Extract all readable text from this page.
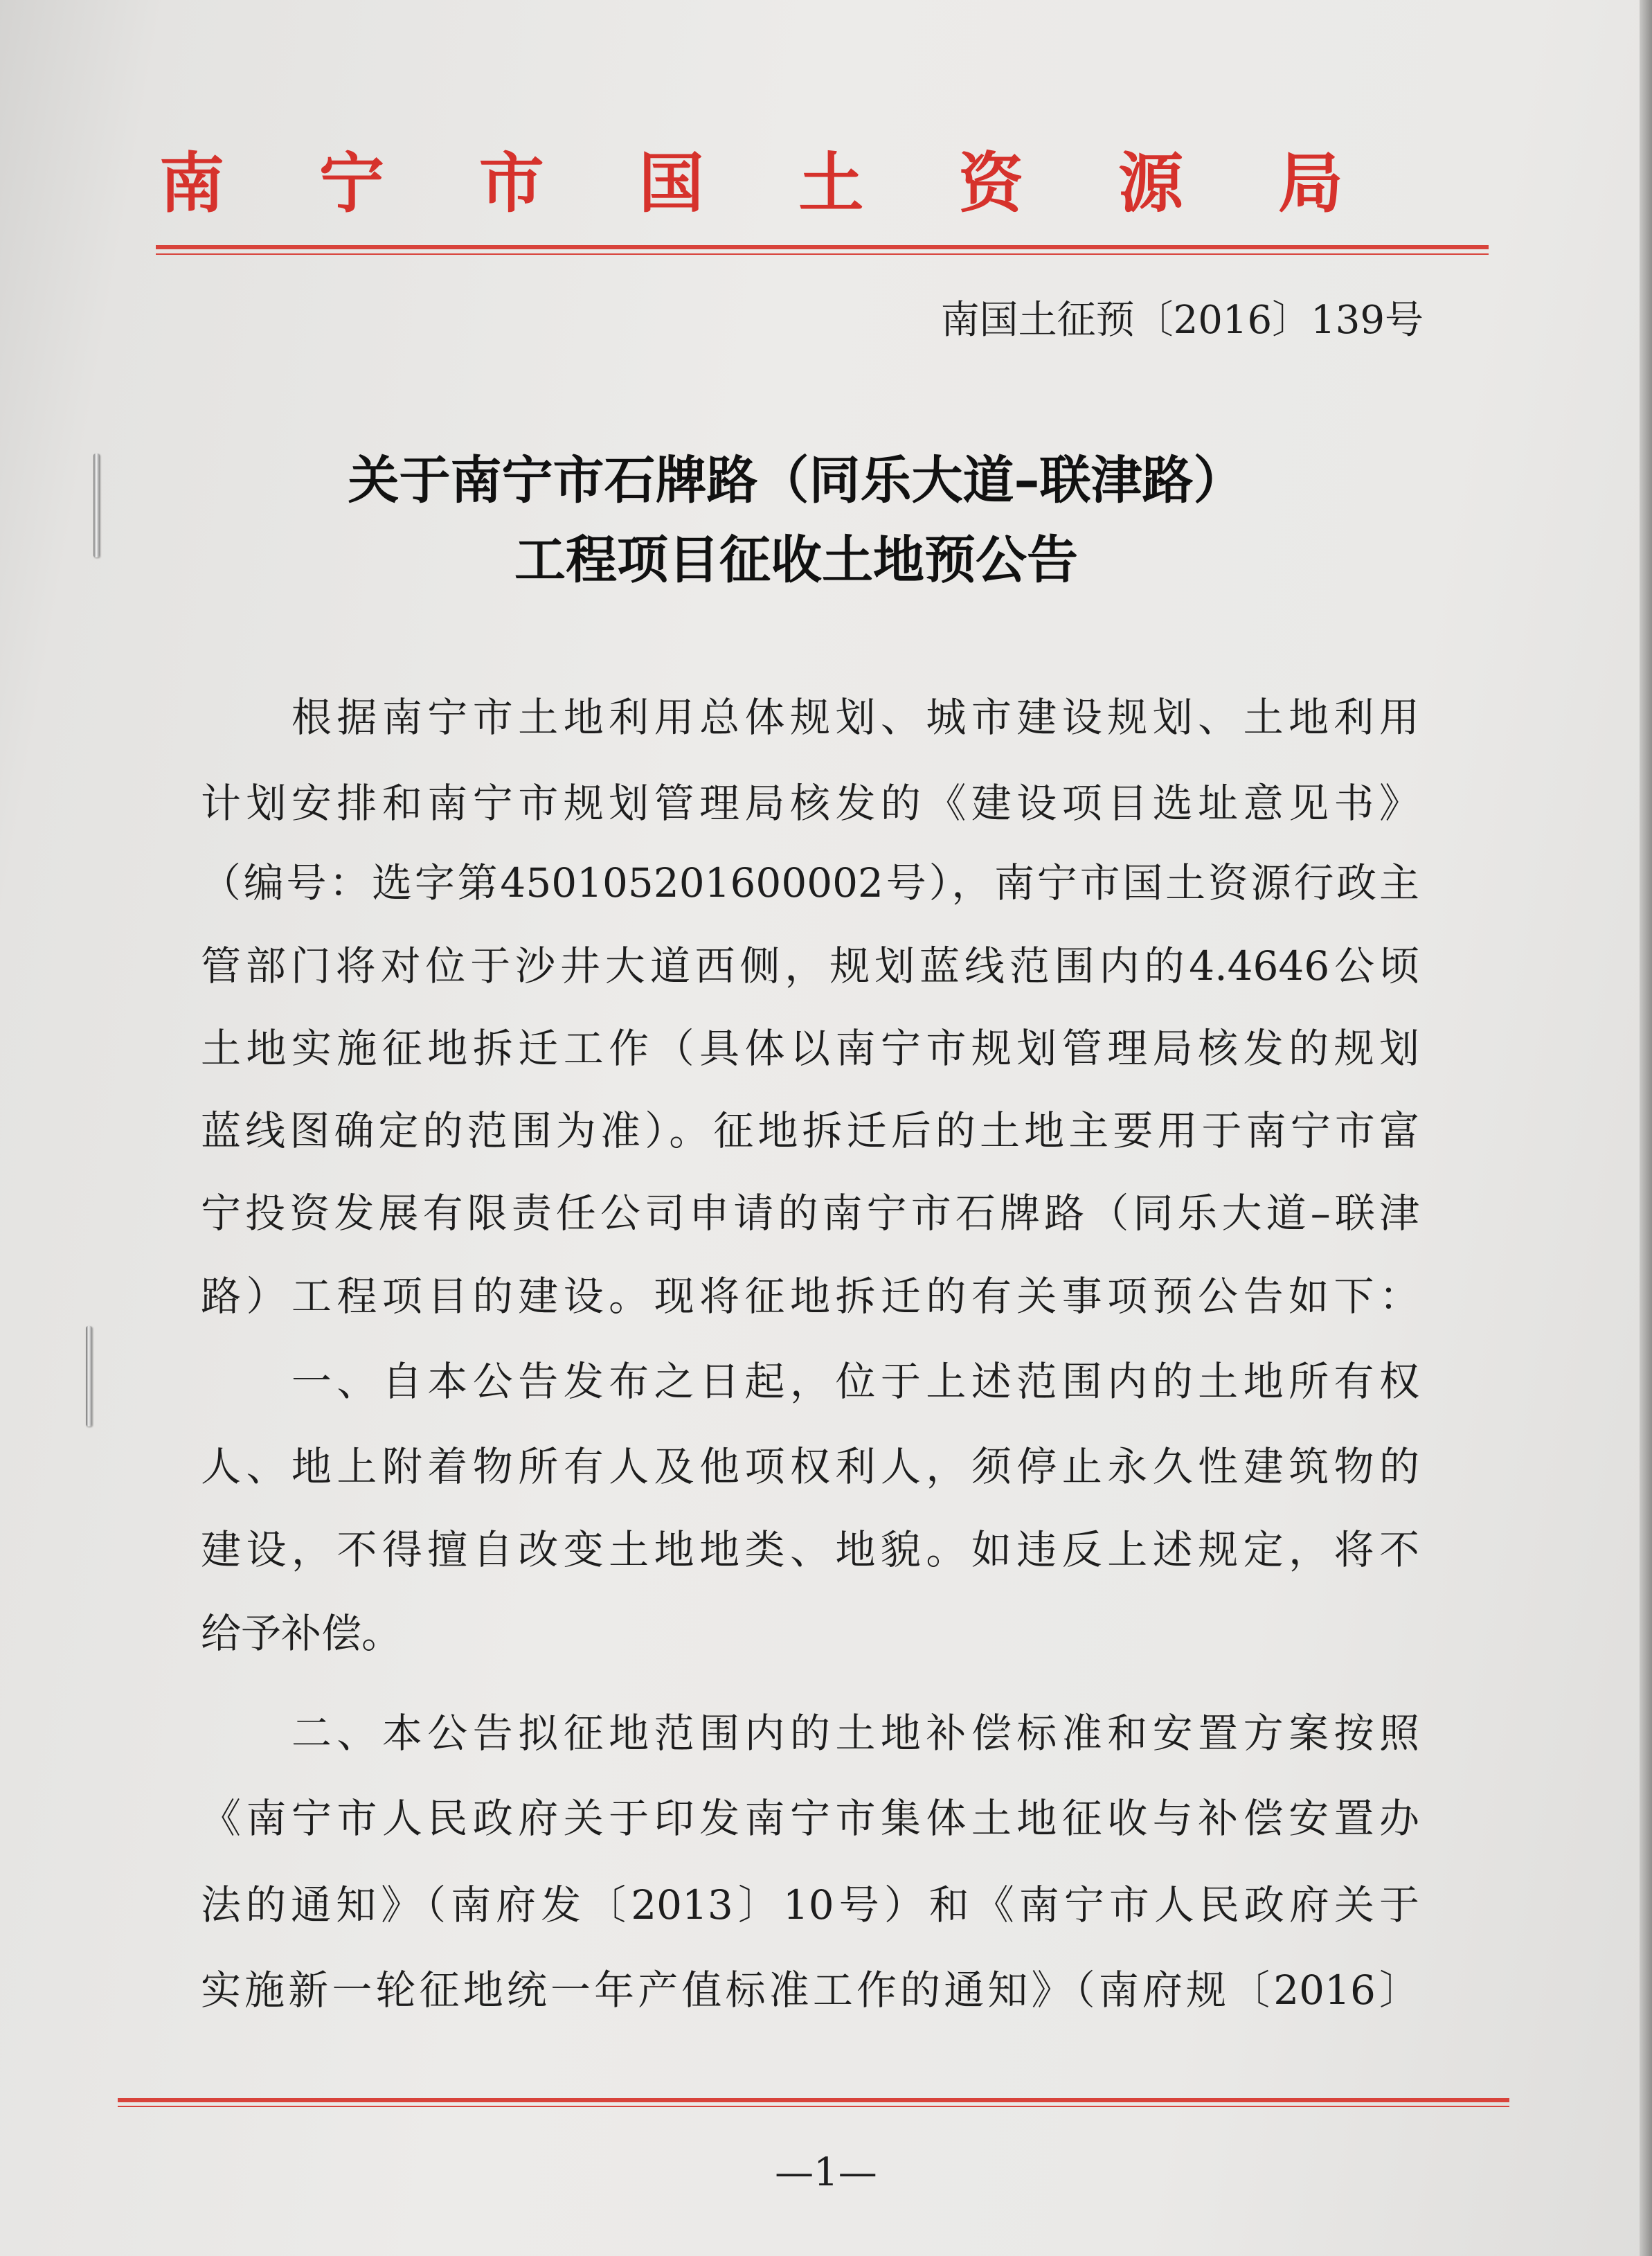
南 宁 市 国 土 资 源 局
南国土征预〔2016〕139号
关于南宁市石牌路（同乐大道–联津路）
工程项目征收土地预公告
　　根据南宁市土地利用总体规划、城市建设规划、土地利用
计划安排和南宁市规划管理局核发的《建设项目选址意见书》
（编号：选字第450105201600002号），南宁市国土资源行政主
管部门将对位于沙井大道西侧，规划蓝线范围内的4.4646公顷
土地实施征地拆迁工作（具体以南宁市规划管理局核发的规划
蓝线图确定的范围为准）。征地拆迁后的土地主要用于南宁市富
宁投资发展有限责任公司申请的南宁市石牌路（同乐大道–联津
路）工程项目的建设。现将征地拆迁的有关事项预公告如下：
　　一、自本公告发布之日起，位于上述范围内的土地所有权
人、地上附着物所有人及他项权利人，须停止永久性建筑物的
建设，不得擅自改变土地地类、地貌。如违反上述规定，将不
给予补偿。
　　二、本公告拟征地范围内的土地补偿标准和安置方案按照
《南宁市人民政府关于印发南宁市集体土地征收与补偿安置办
法的通知》（南府发〔2013〕10号）和《南宁市人民政府关于
实施新一轮征地统一年产值标准工作的通知》（南府规〔2016〕
—1—
